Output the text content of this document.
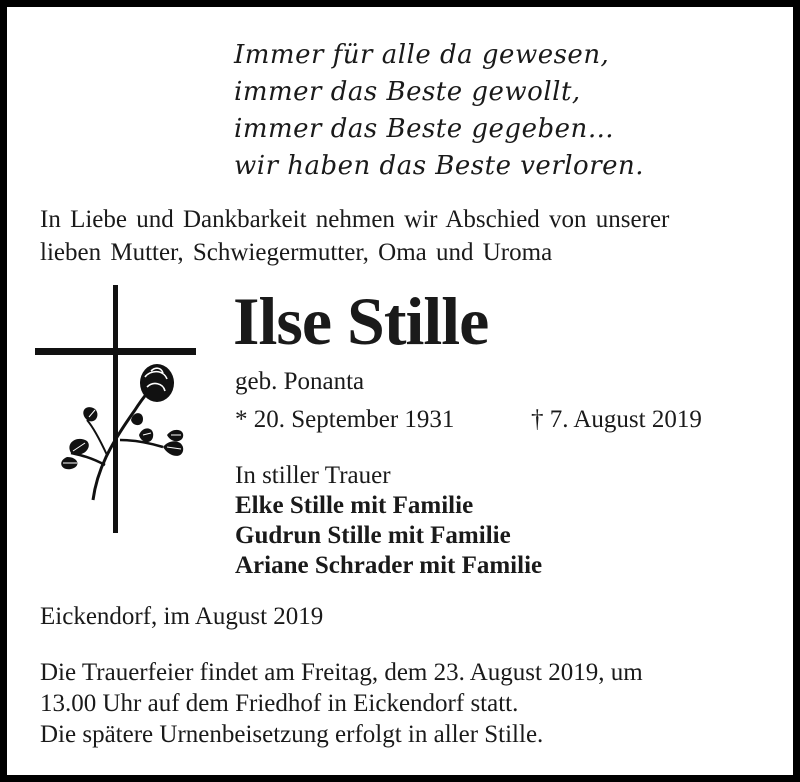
Immer für alle da gewesen,
immer das Beste gewollt,
immer das Beste gegeben…
wir haben das Beste verloren.
In Liebe und Dankbarkeit nehmen wir Abschied von unserer
lieben Mutter, Schwiegermutter, Oma und Uroma
Ilse Stille
geb. Ponanta
* 20. September 1931	† 7. August 2019
In stiller Trauer
Elke Stille mit Familie
Gudrun Stille mit Familie
Ariane Schrader mit Familie
Eickendorf, im August 2019
Die Trauerfeier findet am Freitag, dem 23. August 2019, um
13.00 Uhr auf dem Friedhof in Eickendorf statt.
Die spätere Urnenbeisetzung erfolgt in aller Stille.
